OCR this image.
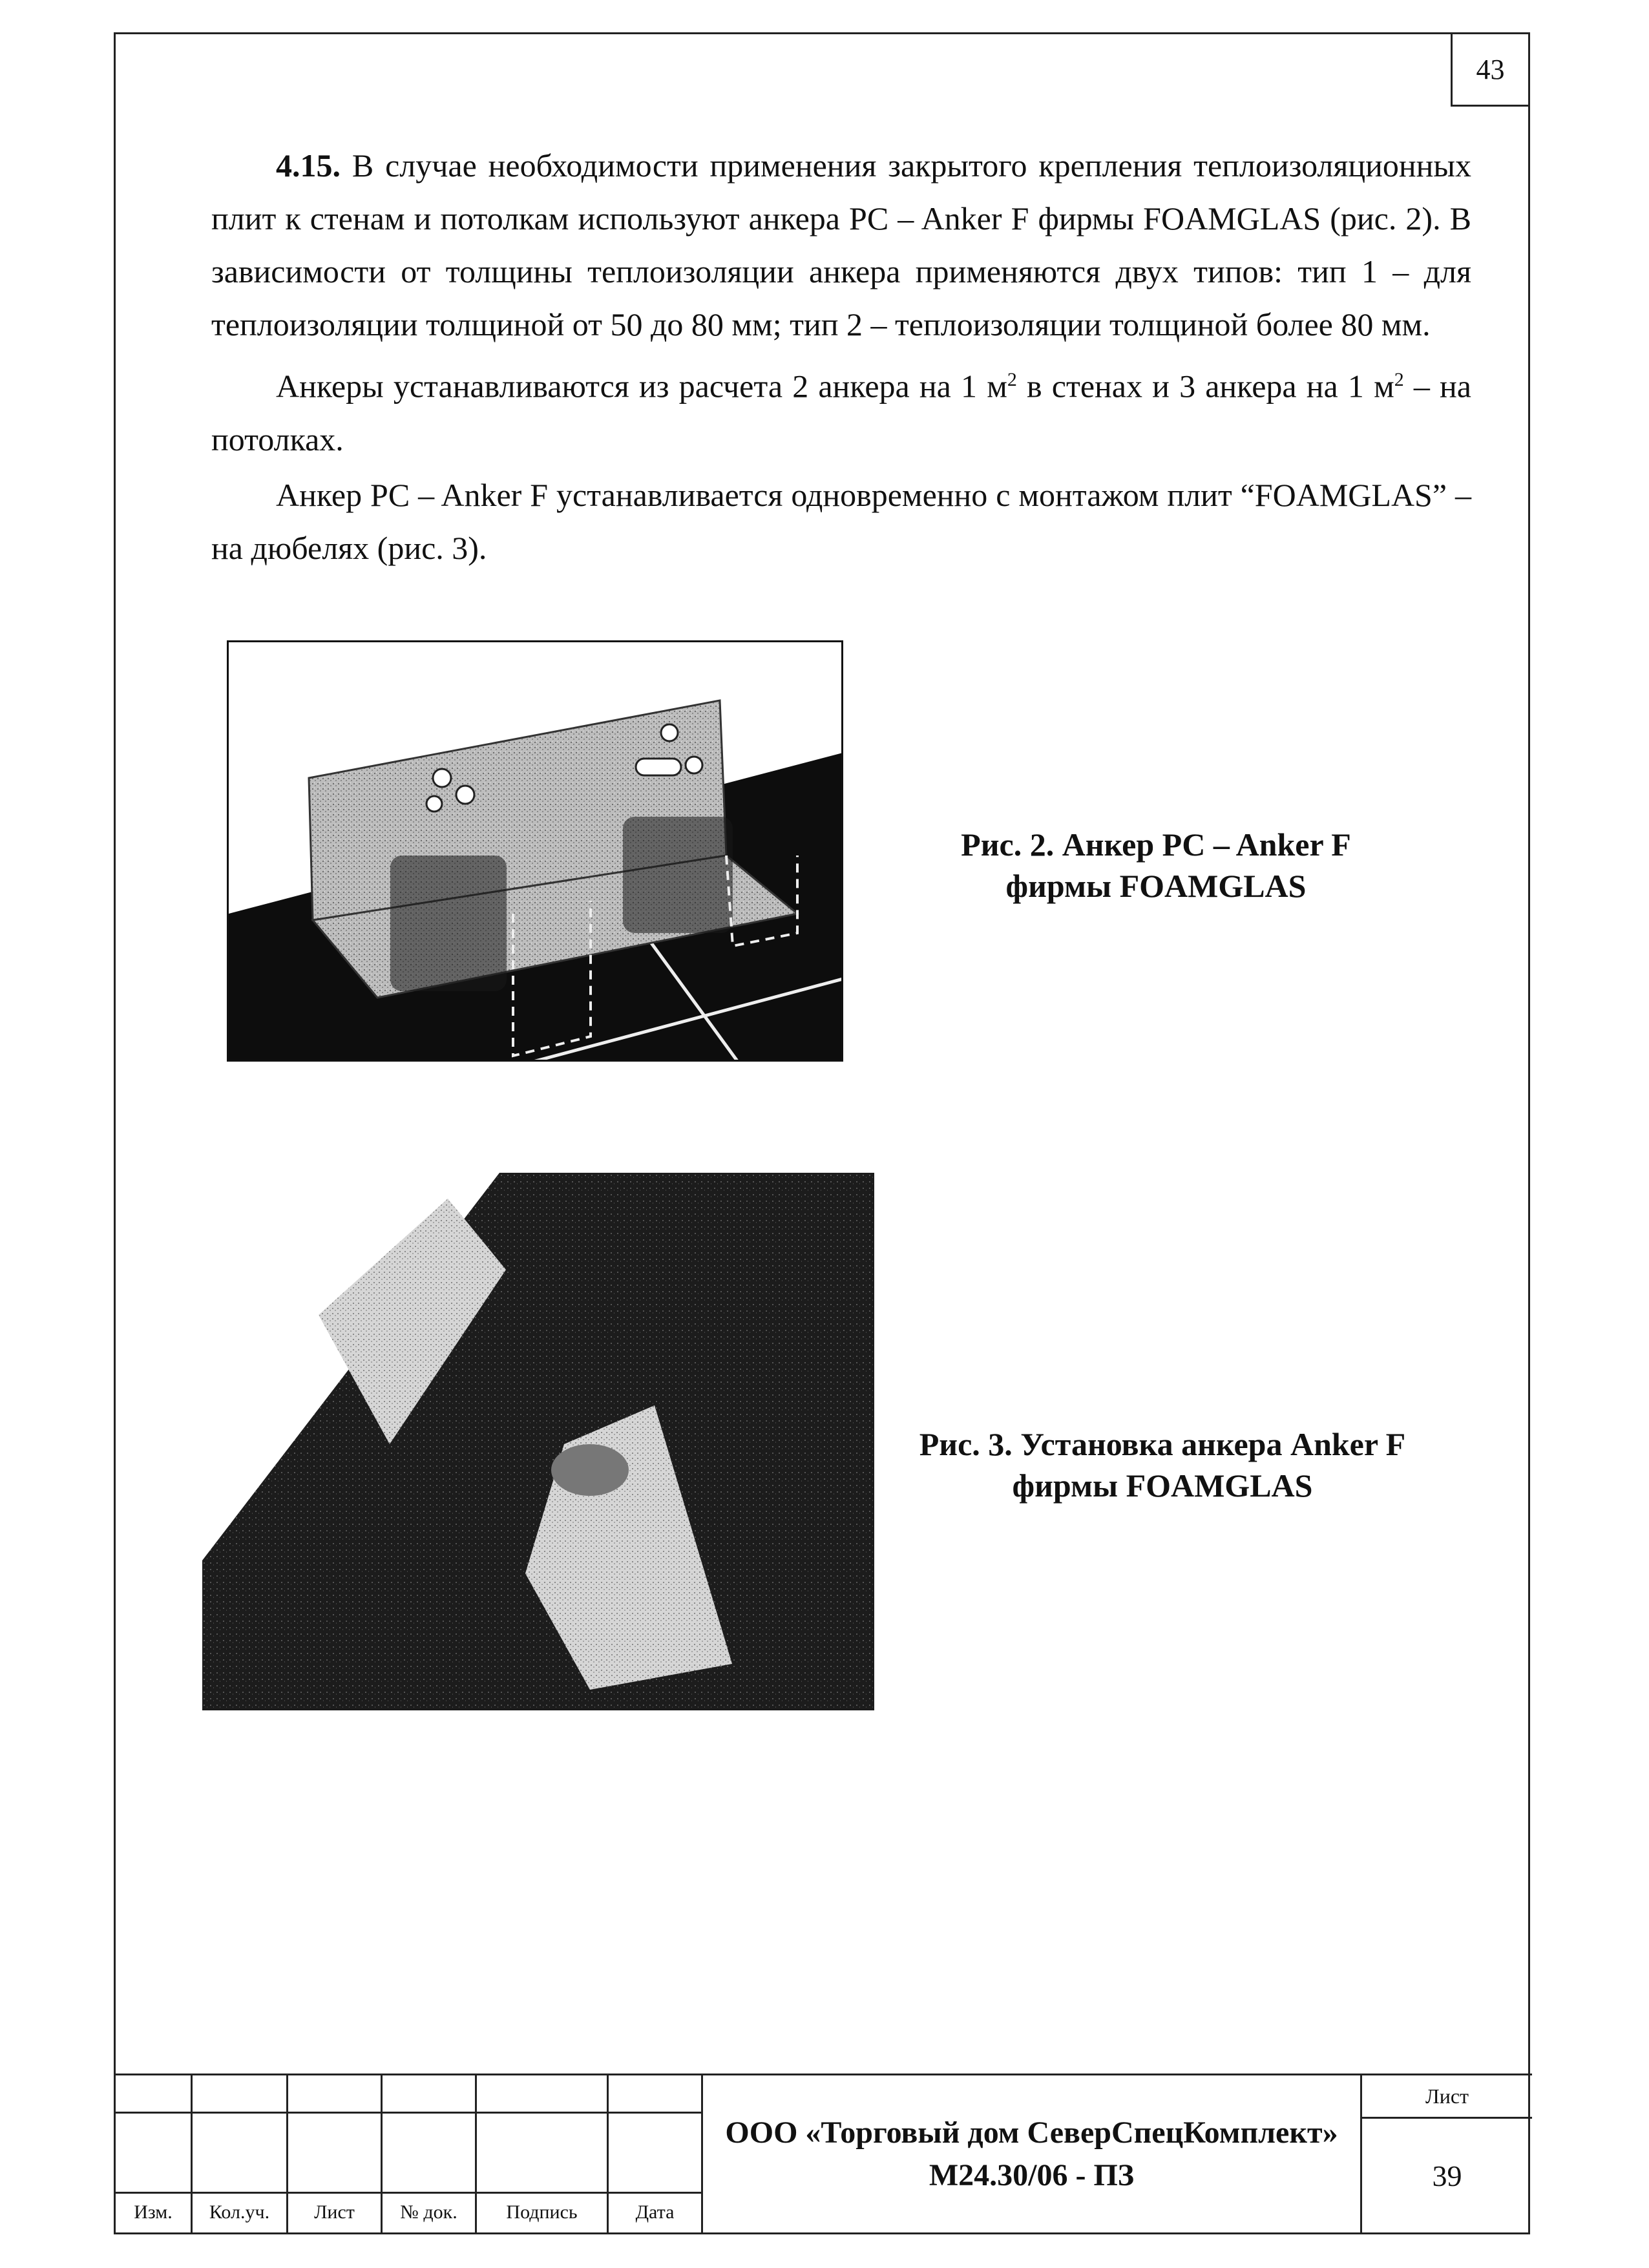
43

4.15. В случае необходимости применения закрытого крепления теплоизоляционных плит к стенам и потолкам используют анкера PC – Anker F фирмы FOAMGLAS (рис. 2). В зависимости от толщины теплоизоляции анкера применяются двух типов: тип 1 – для теплоизоляции толщиной от 50 до 80 мм; тип 2 – теплоизоляции толщиной более 80 мм.

Анкеры устанавливаются из расчета 2 анкера на 1 $м^2$ в стенах и 3 анкера на 1 $м^2$ – на потолках.

Анкер PC – Anker F устанавливается одновременно с монтажом плит “FOAMGLAS” – на дюбелях (рис. 3).

Рис. 2. Анкер PC – Anker F
фирмы FOAMGLAS
Рис. 3. Установка анкера Anker F
фирмы FOAMGLAS
Изм.	Кол.уч.	Лист	№ док.	Подпись	Дата
ООО «Торговый дом СеверСпецКомплект»
М24.30/06 - ПЗ
Лист
39
